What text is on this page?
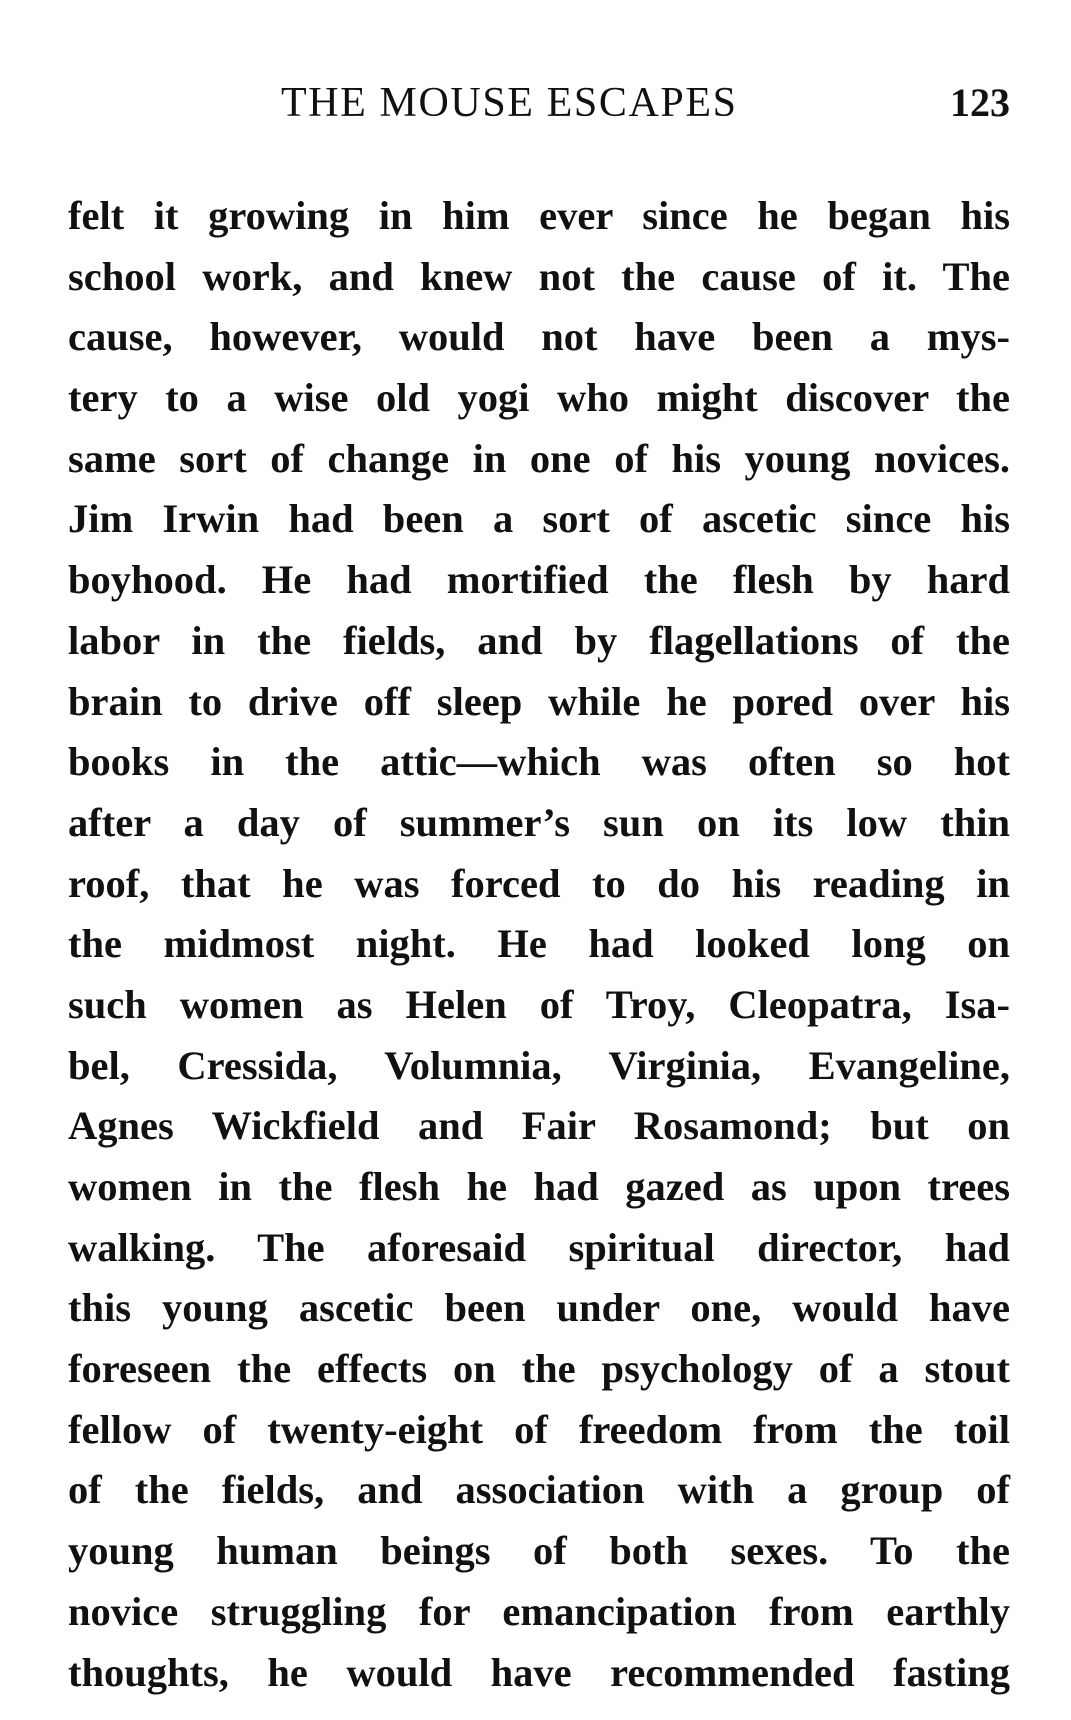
THE MOUSE ESCAPES	123
felt it growing in him ever since he began his
school work, and knew not the cause of it. The
cause, however, would not have been a mys-
tery to a wise old yogi who might discover the
same sort of change in one of his young novices.
Jim Irwin had been a sort of ascetic since his
boyhood. He had mortified the flesh by hard
labor in the fields, and by flagellations of the
brain to drive off sleep while he pored over his
books in the attic—which was often so hot
after a day of summer’s sun on its low thin
roof, that he was forced to do his reading in
the midmost night. He had looked long on
such women as Helen of Troy, Cleopatra, Isa-
bel, Cressida, Volumnia, Virginia, Evangeline,
Agnes Wickfield and Fair Rosamond; but on
women in the flesh he had gazed as upon trees
walking. The aforesaid spiritual director, had
this young ascetic been under one, would have
foreseen the effects on the psychology of a stout
fellow of twenty-eight of freedom from the toil
of the fields, and association with a group of
young human beings of both sexes. To the
novice struggling for emancipation from earthly
thoughts, he would have recommended fasting
